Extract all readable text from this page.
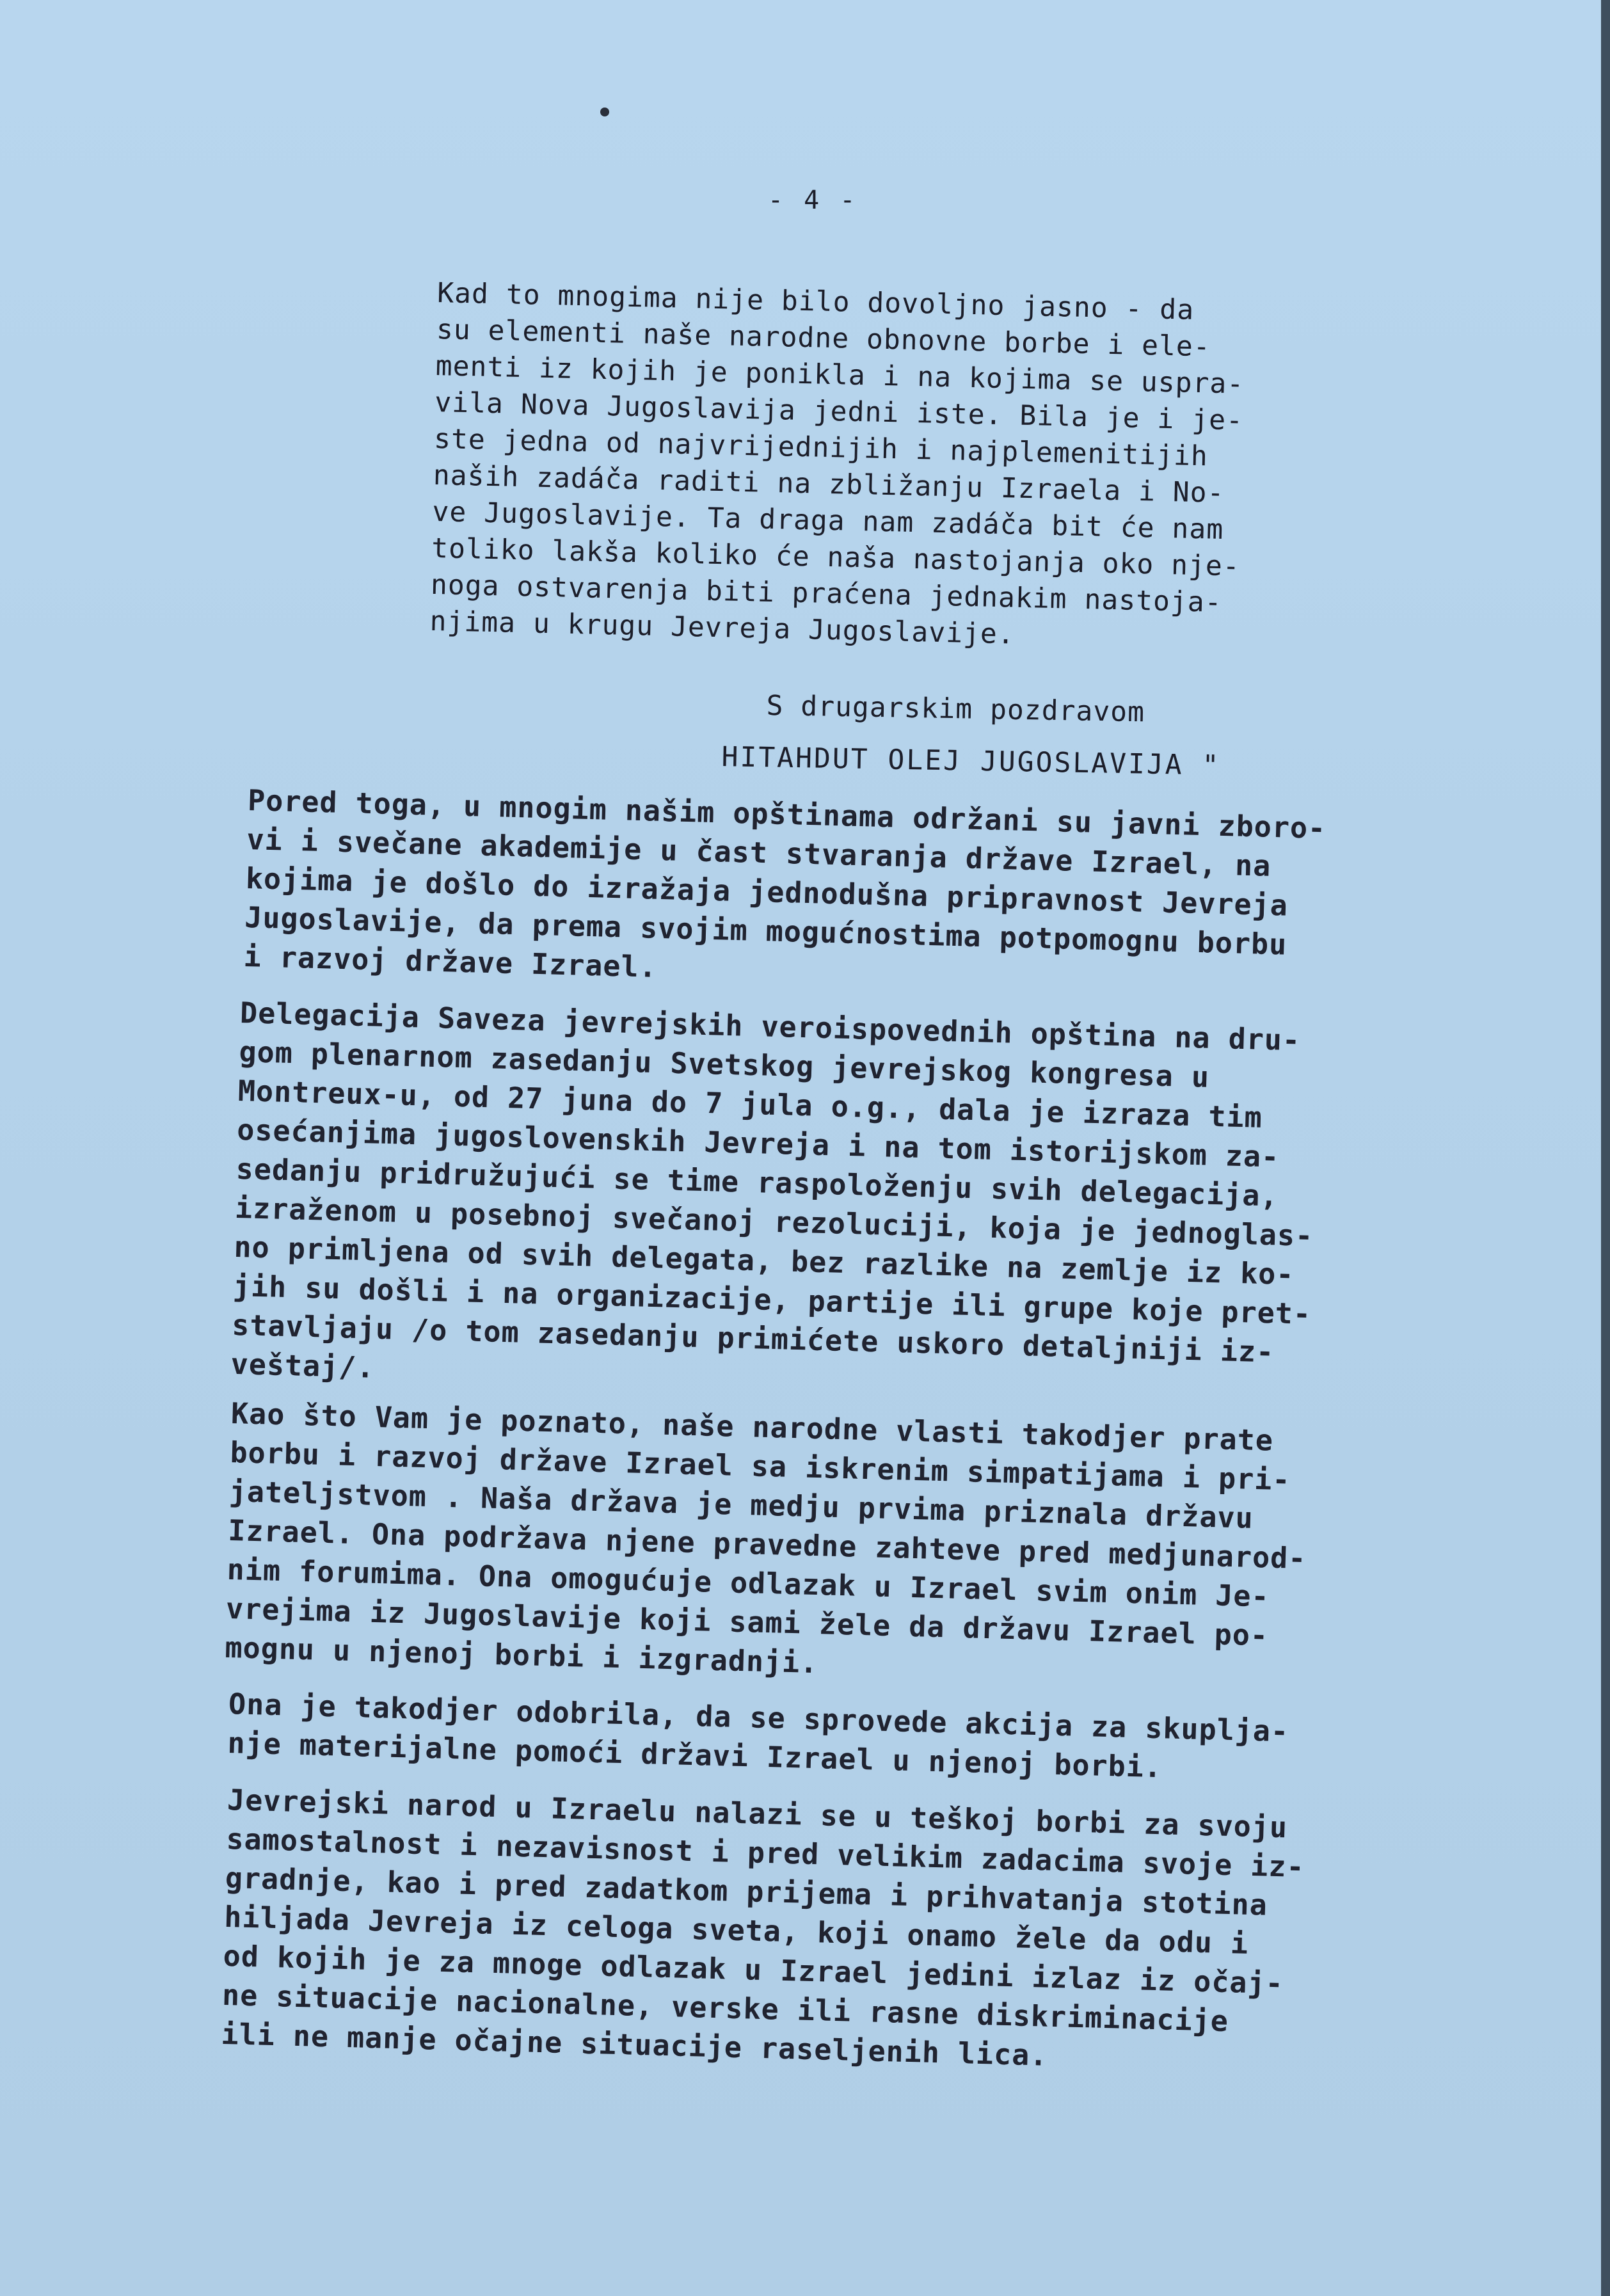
- 4 -
Kad to mnogima nije bilo dovoljno jasno - da
su elementi naše narodne obnovne borbe i ele-
menti iz kojih je ponikla i na kojima se uspra-
vila Nova Jugoslavija jedni iste. Bila je i je-
ste jedna od najvrijednijih i najplemenitijih
naših zadáča raditi na zbližanju Izraela i No-
ve Jugoslavije. Ta draga nam zadáča bit će nam
toliko lakša koliko će naša nastojanja oko nje-
noga ostvarenja biti praćena jednakim nastoja-
njima u krugu Jevreja Jugoslavije.
S drugarskim pozdravom
HITAHDUT OLEJ JUGOSLAVIJA "
Pored toga, u mnogim našim opštinama održani su javni zboro-
vi i svečane akademije u čast stvaranja države Izrael, na
kojima je došlo do izražaja jednodušna pripravnost Jevreja
Jugoslavije, da prema svojim mogućnostima potpomognu borbu
i razvoj države Izrael.
Delegacija Saveza jevrejskih veroispovednih opština na dru-
gom plenarnom zasedanju Svetskog jevrejskog kongresa u
Montreux-u, od 27 juna do 7 jula o.g., dala je izraza tim
osećanjima jugoslovenskih Jevreja i na tom istorijskom za-
sedanju pridružujući se time raspoloženju svih delegacija,
izraženom u posebnoj svečanoj rezoluciji, koja je jednoglas-
no primljena od svih delegata, bez razlike na zemlje iz ko-
jih su došli i na organizacije, partije ili grupe koje pret-
stavljaju /o tom zasedanju primićete uskoro detaljniji iz-
veštaj/.
Kao što Vam je poznato, naše narodne vlasti takodjer prate
borbu i razvoj države Izrael sa iskrenim simpatijama i pri-
jateljstvom . Naša država je medju prvima priznala državu
Izrael. Ona podržava njene pravedne zahteve pred medjunarod-
nim forumima. Ona omogućuje odlazak u Izrael svim onim Je-
vrejima iz Jugoslavije koji sami žele da državu Izrael po-
mognu u njenoj borbi i izgradnji.
Ona je takodjer odobrila, da se sprovede akcija za skuplja-
nje materijalne pomoći državi Izrael u njenoj borbi.
Jevrejski narod u Izraelu nalazi se u teškoj borbi za svoju
samostalnost i nezavisnost i pred velikim zadacima svoje iz-
gradnje, kao i pred zadatkom prijema i prihvatanja stotina
hiljada Jevreja iz celoga sveta, koji onamo žele da odu i
od kojih je za mnoge odlazak u Izrael jedini izlaz iz očaj-
ne situacije nacionalne, verske ili rasne diskriminacije
ili ne manje očajne situacije raseljenih lica.
